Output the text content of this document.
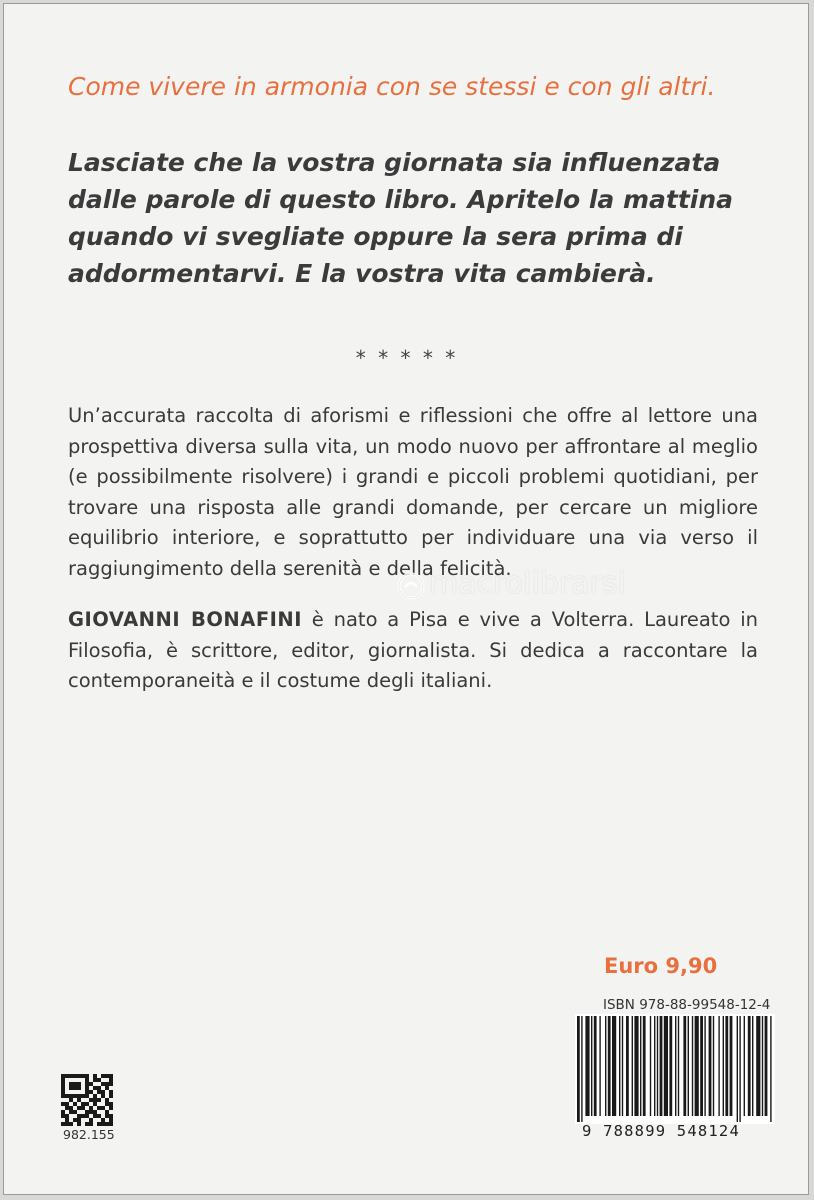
Come vivere in armonia con se stessi e con gli altri.

Lasciate che la vostra giornata sia influenzata dalle parole di questo libro. Apritelo la mattina quando vi svegliate oppure la sera prima di addormentarvi. E la vostra vita cambierà.

* * * * *

Un’accurata raccolta di aforismi e riflessioni che offre al lettore una prospettiva diversa sulla vita, un modo nuovo per affrontare al meglio (e possibilmente risolvere) i grandi e piccoli problemi quotidiani, per trovare una risposta alle grandi domande, per cercare un migliore equilibrio interiore, e soprattutto per individuare una via verso il raggiungimento della serenità e della felicità.

GIOVANNI BONAFINI è nato a Pisa e vive a Volterra. Laureato in Filosofia, è scrittore, editor, giornalista. Si dedica a raccontare la contemporaneità e il costume degli italiani.

macrolibrarsi

Euro 9,90

ISBN 978-88-99548-12-4
9 788899 548124
982.155
